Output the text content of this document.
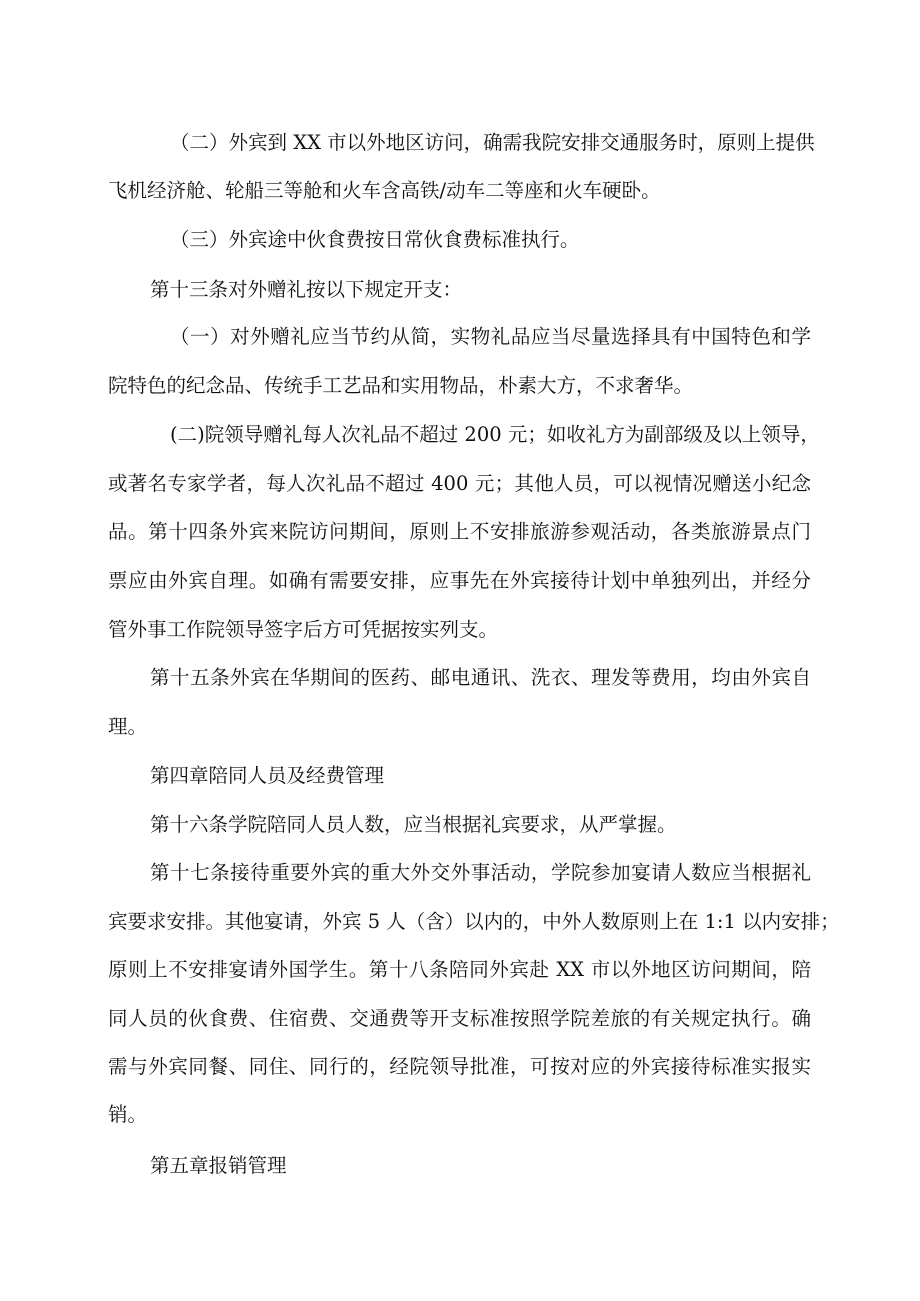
（二）外宾到 XX 市以外地区访问，确需我院安排交通服务时，原则上提供
飞机经济舱、轮船三等舱和火车含高铁/动车二等座和火车硬卧。
（三）外宾途中伙食费按日常伙食费标准执行。
第十三条对外赠礼按以下规定开支：
（一）对外赠礼应当节约从简，实物礼品应当尽量选择具有中国特色和学
院特色的纪念品、传统手工艺品和实用物品，朴素大方，不求奢华。
(二)院领导赠礼每人次礼品不超过 200 元；如收礼方为副部级及以上领导，
或著名专家学者，每人次礼品不超过 400 元；其他人员，可以视情况赠送小纪念
品。第十四条外宾来院访问期间，原则上不安排旅游参观活动，各类旅游景点门
票应由外宾自理。如确有需要安排，应事先在外宾接待计划中单独列出，并经分
管外事工作院领导签字后方可凭据按实列支。
第十五条外宾在华期间的医药、邮电通讯、洗衣、理发等费用，均由外宾自
理。
第四章陪同人员及经费管理
第十六条学院陪同人员人数，应当根据礼宾要求，从严掌握。
第十七条接待重要外宾的重大外交外事活动，学院参加宴请人数应当根据礼
宾要求安排。其他宴请，外宾 5 人（含）以内的，中外人数原则上在 1:1 以内安排；
原则上不安排宴请外国学生。第十八条陪同外宾赴 XX 市以外地区访问期间，陪
同人员的伙食费、住宿费、交通费等开支标准按照学院差旅的有关规定执行。确
需与外宾同餐、同住、同行的，经院领导批准，可按对应的外宾接待标准实报实
销。
第五章报销管理
